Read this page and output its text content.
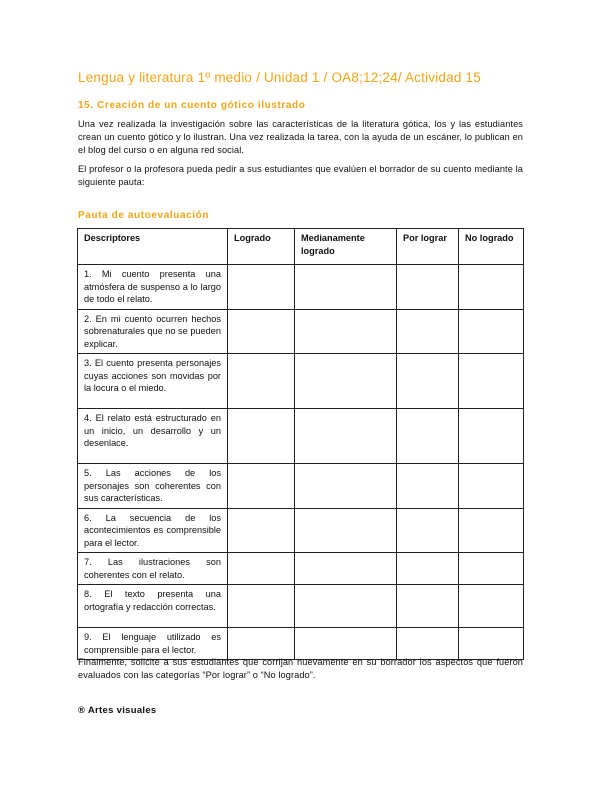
Lengua y literatura 1º medio / Unidad 1 / OA8;12;24/ Actividad 15
15. Creación de un cuento gótico ilustrado
Una vez realizada la investigación sobre las características de la literatura gótica, los y las estudiantes crean un cuento gótico y lo ilustran. Una vez realizada la tarea, con la ayuda de un escáner, lo publican en el blog del curso o en alguna red social.
El profesor o la profesora pueda pedir a sus estudiantes que evalúen el borrador de su cuento mediante la siguiente pauta:
Pauta de autoevaluación
Descriptores	Logrado	Medianamente logrado	Por lograr	No logrado
1. Mi cuento presenta una atmósfera de suspenso a lo largo de todo el relato.				
2. En mi cuento ocurren hechos sobrenaturales que no se pueden explicar.				
3. El cuento presenta personajes cuyas acciones son movidas por la locura o el miedo.				
4. El relato está estructurado en un inicio, un desarrollo y un desenlace.				
5. Las acciones de los personajes son coherentes con sus características.				
6. La secuencia de los acontecimientos es comprensible para el lector.				
7. Las ilustraciones son coherentes con el relato.				
8. El texto presenta una ortografía y redacción correctas.				
9. El lenguaje utilizado es comprensible para el lector.				
Finalmente, solicite a sus estudiantes que corrijan nuevamente en su borrador los aspectos que fueron evaluados con las categorías “Por lograr” o “No logrado”.
® Artes visuales
